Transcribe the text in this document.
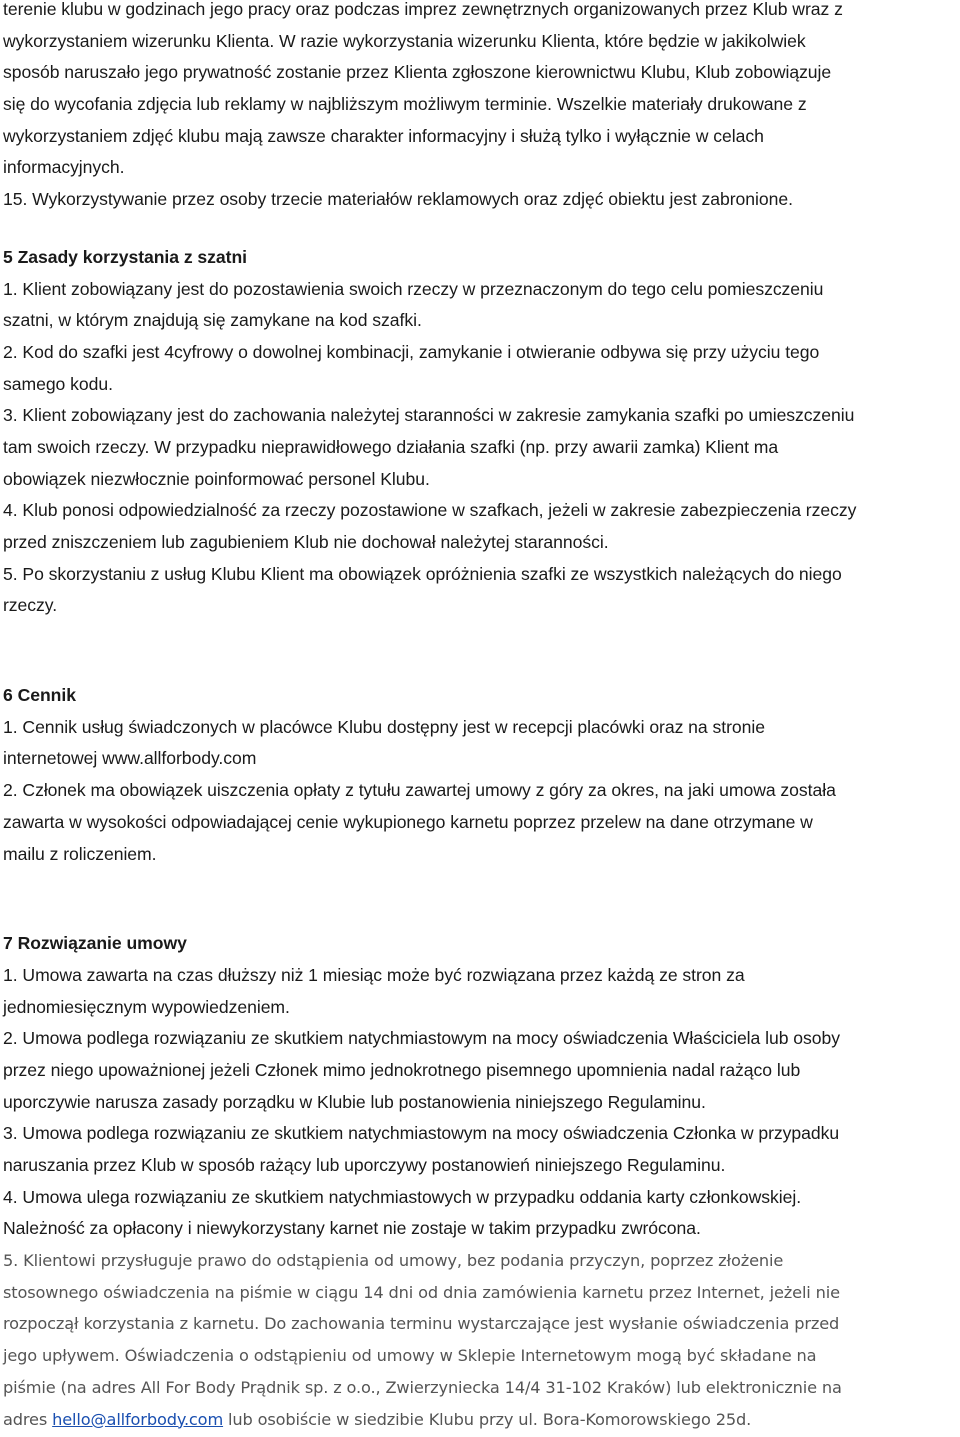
terenie klubu w godzinach jego pracy oraz podczas imprez zewnętrznych organizowanych przez Klub wraz z
wykorzystaniem wizerunku Klienta. W razie wykorzystania wizerunku Klienta, które będzie w jakikolwiek
sposób naruszało jego prywatność zostanie przez Klienta zgłoszone kierownictwu Klubu, Klub zobowiązuje
się do wycofania zdjęcia lub reklamy w najbliższym możliwym terminie. Wszelkie materiały drukowane z
wykorzystaniem zdjęć klubu mają zawsze charakter informacyjny i służą tylko i wyłącznie w celach
informacyjnych.
15. Wykorzystywanie przez osoby trzecie materiałów reklamowych oraz zdjęć obiektu jest zabronione.
5 Zasady korzystania z szatni
1. Klient zobowiązany jest do pozostawienia swoich rzeczy w przeznaczonym do tego celu pomieszczeniu
szatni, w którym znajdują się zamykane na kod szafki.
2. Kod do szafki jest 4cyfrowy o dowolnej kombinacji, zamykanie i otwieranie odbywa się przy użyciu tego
samego kodu.
3. Klient zobowiązany jest do zachowania należytej staranności w zakresie zamykania szafki po umieszczeniu
tam swoich rzeczy. W przypadku nieprawidłowego działania szafki (np. przy awarii zamka) Klient ma
obowiązek niezwłocznie poinformować personel Klubu.
4. Klub ponosi odpowiedzialność za rzeczy pozostawione w szafkach, jeżeli w zakresie zabezpieczenia rzeczy
przed zniszczeniem lub zagubieniem Klub nie dochował należytej staranności.
5. Po skorzystaniu z usług Klubu Klient ma obowiązek opróżnienia szafki ze wszystkich należących do niego
rzeczy.
6 Cennik
1. Cennik usług świadczonych w placówce Klubu dostępny jest w recepcji placówki oraz na stronie
internetowej www.allforbody.com
2. Członek ma obowiązek uiszczenia opłaty z tytułu zawartej umowy z góry za okres, na jaki umowa została
zawarta w wysokości odpowiadającej cenie wykupionego karnetu poprzez przelew na dane otrzymane w
mailu z roliczeniem.
7 Rozwiązanie umowy
1. Umowa zawarta na czas dłuższy niż 1 miesiąc może być rozwiązana przez każdą ze stron za
jednomiesięcznym wypowiedzeniem.
2. Umowa podlega rozwiązaniu ze skutkiem natychmiastowym na mocy oświadczenia Właściciela lub osoby
przez niego upoważnionej jeżeli Członek mimo jednokrotnego pisemnego upomnienia nadal rażąco lub
uporczywie narusza zasady porządku w Klubie lub postanowienia niniejszego Regulaminu.
3. Umowa podlega rozwiązaniu ze skutkiem natychmiastowym na mocy oświadczenia Członka w przypadku
naruszania przez Klub w sposób rażący lub uporczywy postanowień niniejszego Regulaminu.
4. Umowa ulega rozwiązaniu ze skutkiem natychmiastowych w przypadku oddania karty członkowskiej.
Należność za opłacony i niewykorzystany karnet nie zostaje w takim przypadku zwrócona.
5. Klientowi przysługuje prawo do odstąpienia od umowy, bez podania przyczyn, poprzez złożenie
stosownego oświadczenia na piśmie w ciągu 14 dni od dnia zamówienia karnetu przez Internet, jeżeli nie
rozpoczął korzystania z karnetu. Do zachowania terminu wystarczające jest wysłanie oświadczenia przed
jego upływem. Oświadczenia o odstąpieniu od umowy w Sklepie Internetowym mogą być składane na
piśmie (na adres All For Body Prądnik sp. z o.o., Zwierzyniecka 14/4 31-102 Kraków) lub elektronicznie na
adres hello@allforbody.com lub osobiście w siedzibie Klubu przy ul. Bora-Komorowskiego 25d.
